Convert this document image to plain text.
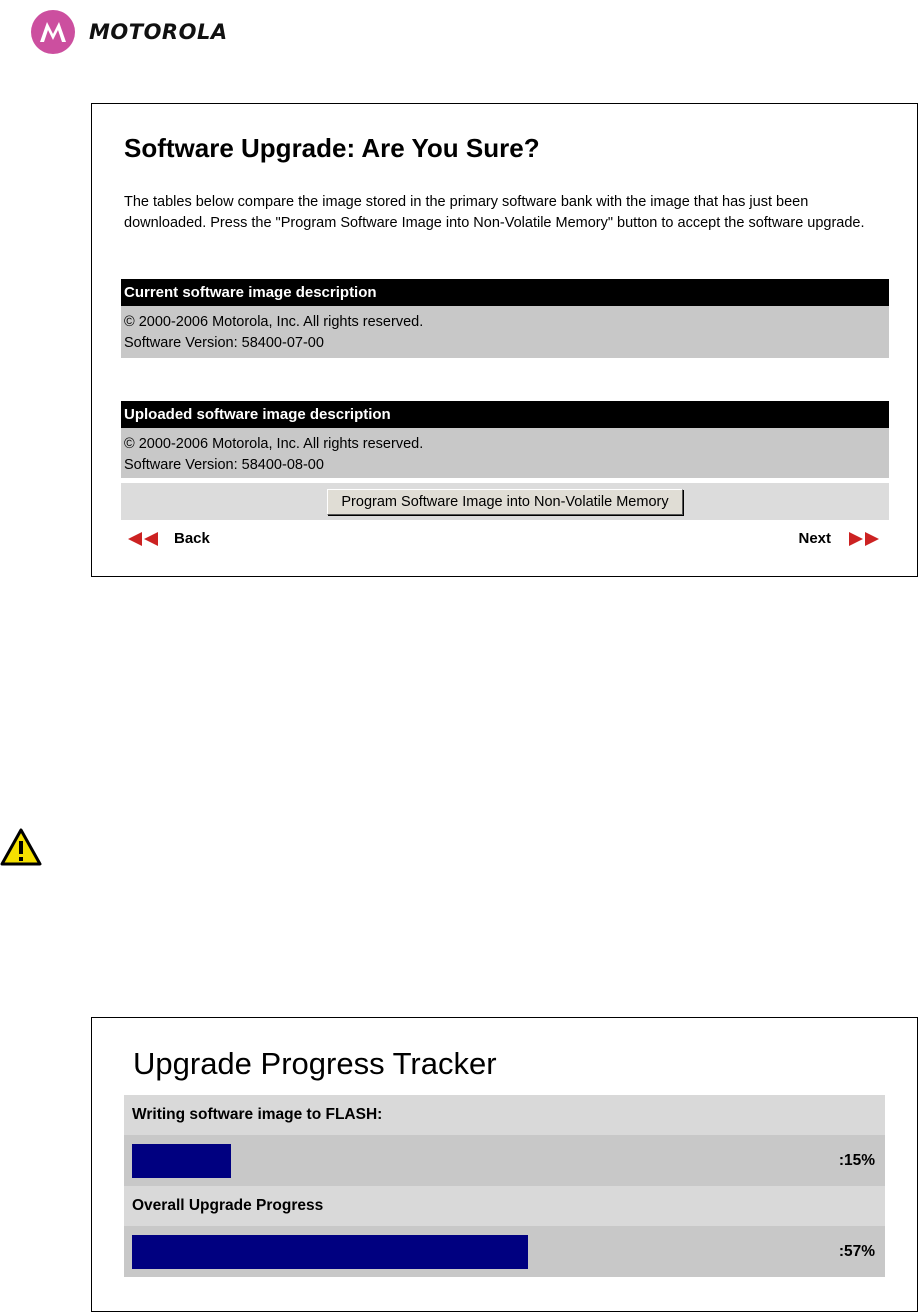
MOTOROLA
Software Upgrade: Are You Sure?
The tables below compare the image stored in the primary software bank with the image that has just been downloaded. Press the "Program Software Image into Non-Volatile Memory" button to accept the software upgrade.
Current software image description
© 2000-2006 Motorola, Inc. All rights reserved.
Software Version: 58400-07-00
Uploaded software image description
© 2000-2006 Motorola, Inc. All rights reserved.
Software Version: 58400-08-00
Program Software Image into Non-Volatile Memory
Back	Next
Upgrade Progress Tracker
Writing software image to FLASH:
:15%
Overall Upgrade Progress
:57%
